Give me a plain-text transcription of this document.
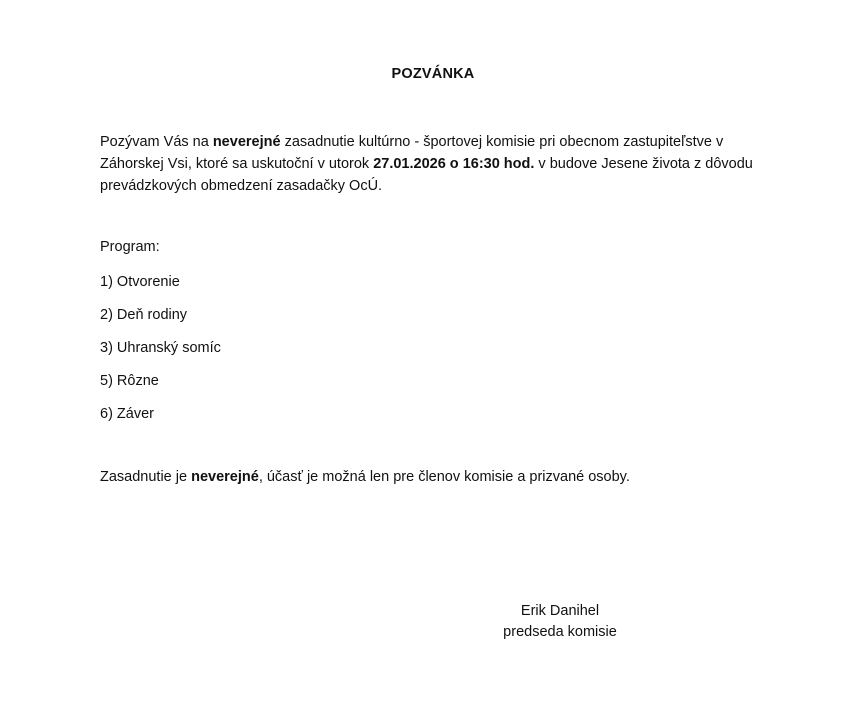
POZVÁNKA
Pozývam Vás na neverejné zasadnutie kultúrno - športovej komisie pri obecnom zastupiteľstve v Záhorskej Vsi, ktoré sa uskutoční v utorok 27.01.2026 o 16:30 hod. v budove Jesene života z dôvodu prevádzkových obmedzení zasadačky OcÚ.
Program:
1) Otvorenie
2) Deň rodiny
3) Uhranský somíc
5) Rôzne
6) Záver
Zasadnutie je neverejné, účasť je možná len pre členov komisie a prizvané osoby.
Erik Danihel
predseda komisie
